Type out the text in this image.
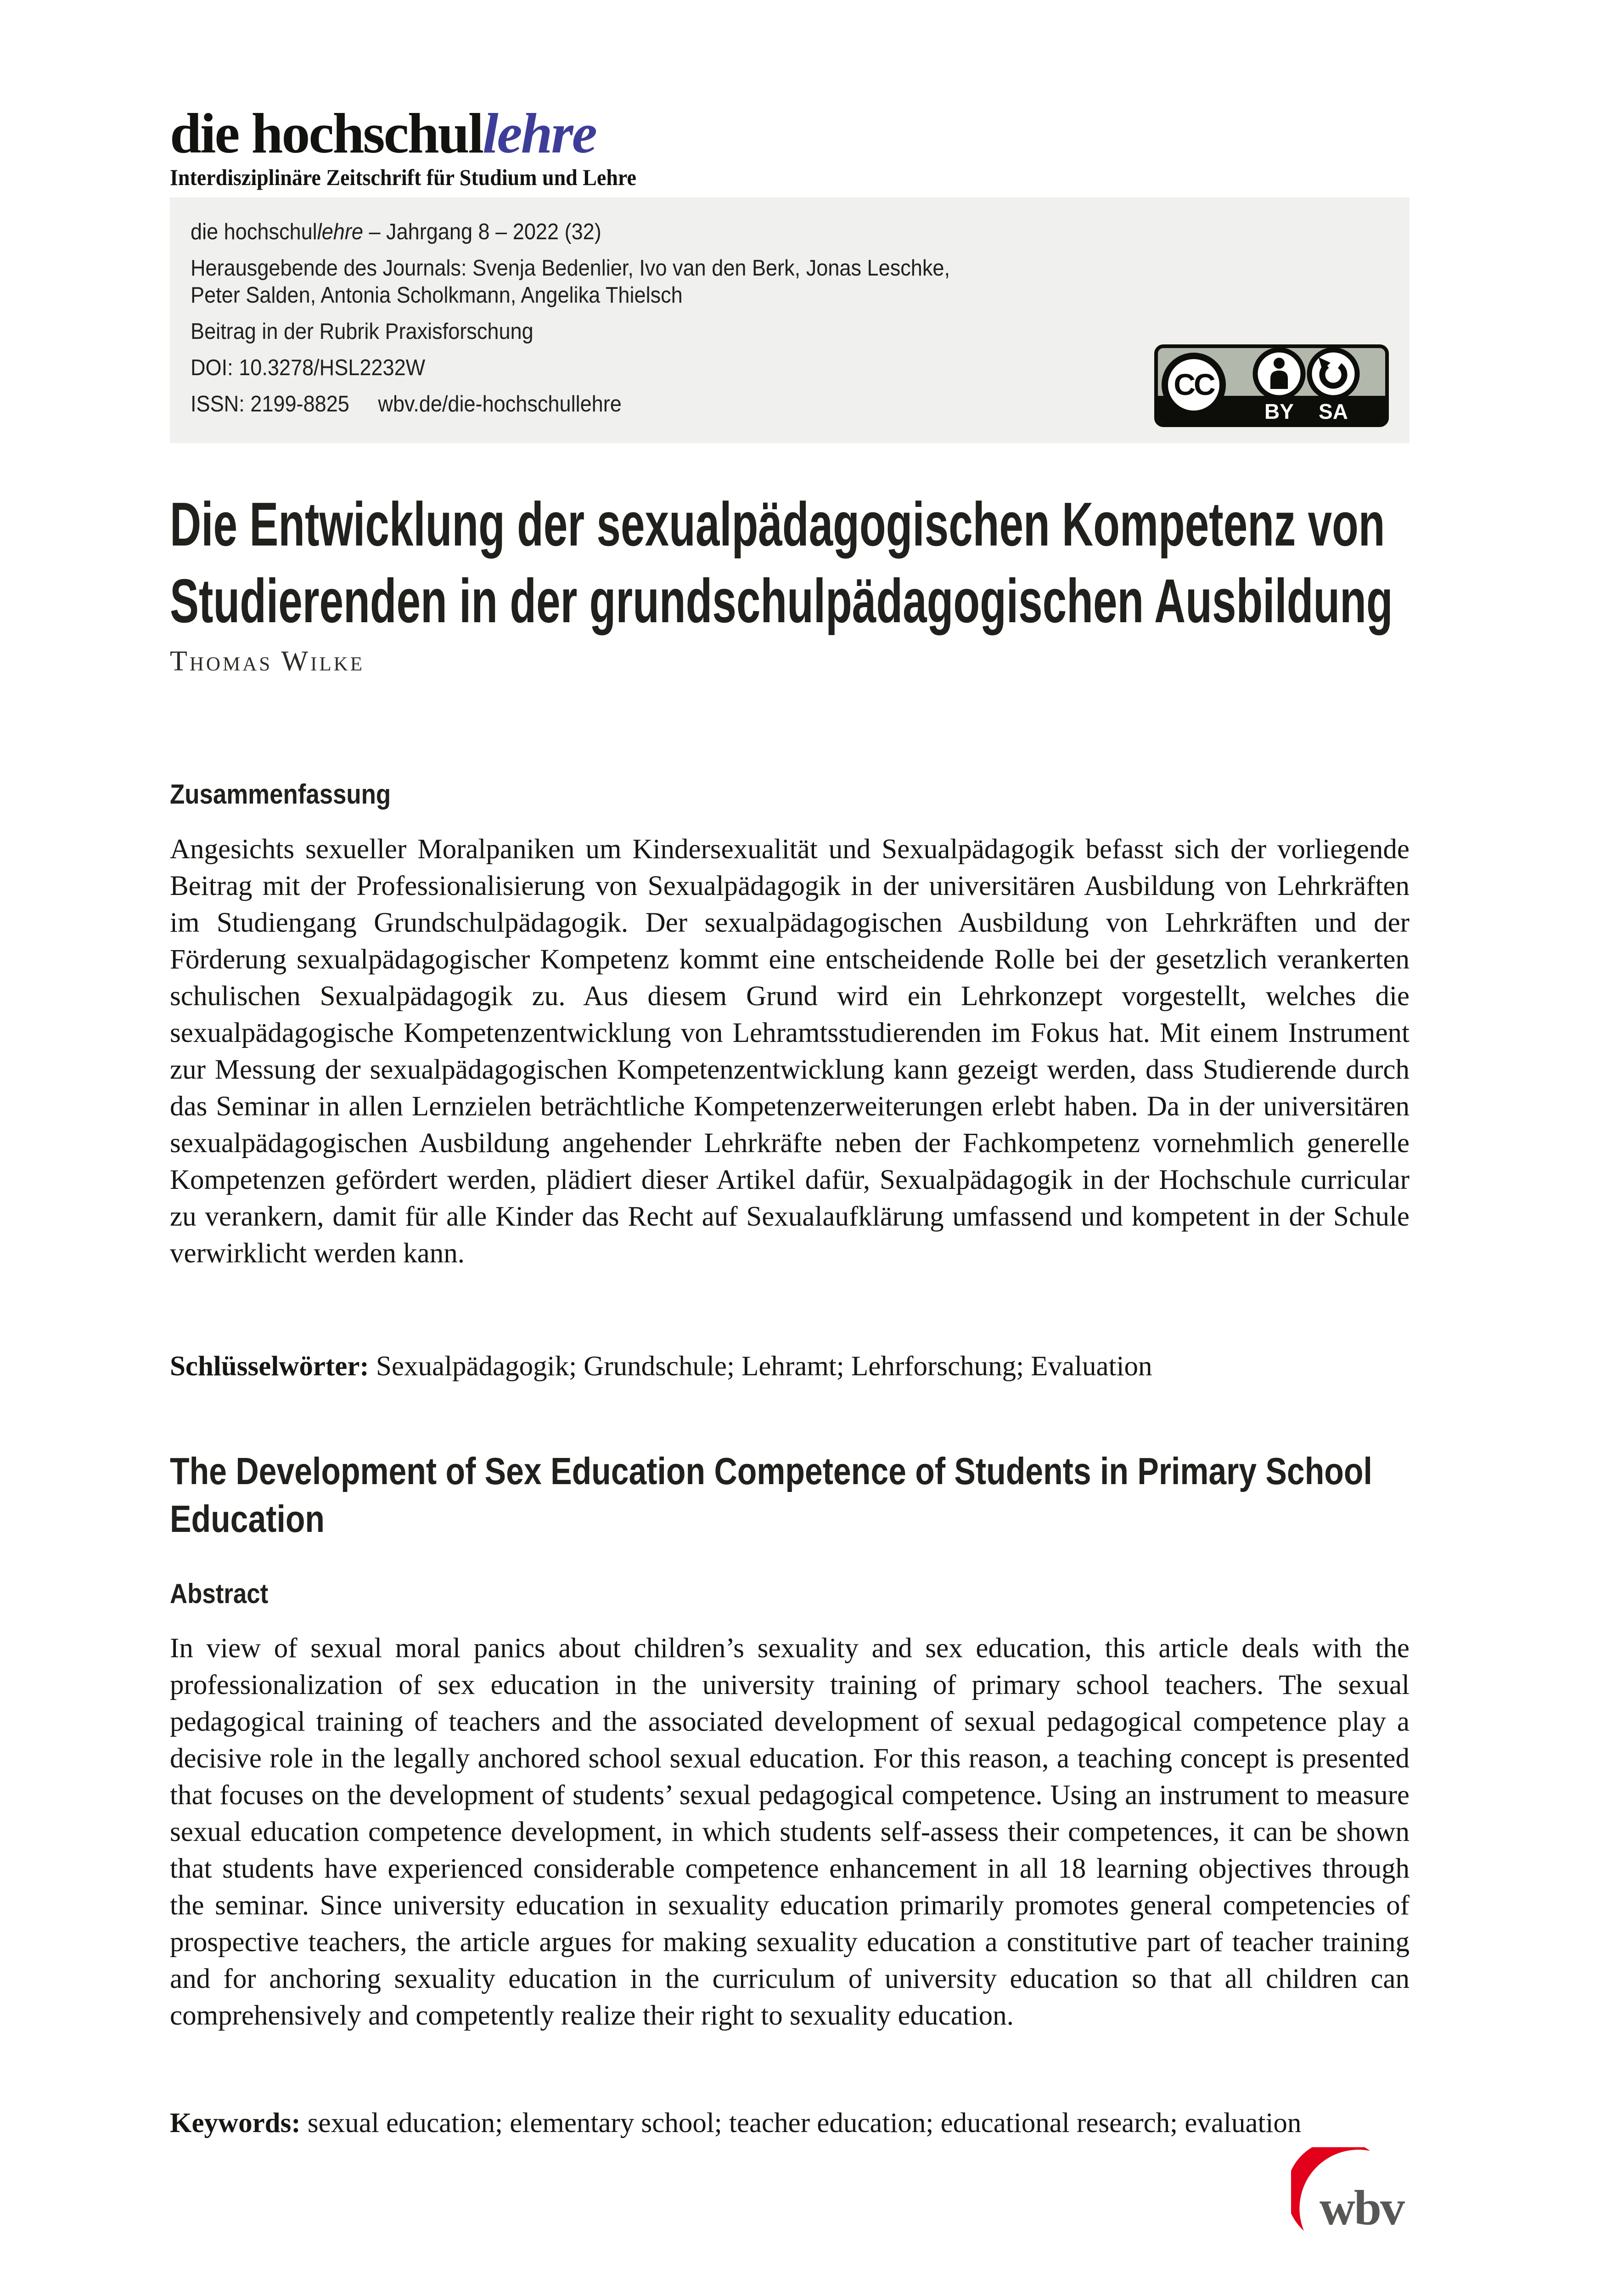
die hochschullehre
Interdisziplinäre Zeitschrift für Studium und Lehre

die hochschullehre – Jahrgang 8 – 2022 (32)

Herausgebende des Journals: Svenja Bedenlier, Ivo van den Berk, Jonas Leschke,

Peter Salden, Antonia Scholkmann, Angelika Thielsch

Beitrag in der Rubrik Praxisforschung

DOI: 10.3278/HSL2232W

ISSN: 2199-8825 wbv.de/die-hochschullehre

CC
BY SA
Die Entwicklung der sexualpädagogischen Kompetenz von
Studierenden in der grundschulpädagogischen Ausbildung
Thomas Wilke
Zusammenfassung

Angesichts sexueller Moralpaniken um Kindersexualität und Sexualpädagogik befasst sich der vorliegende Beitrag mit der Professionalisierung von Sexualpädagogik in der universitären Ausbildung von Lehrkräften im Studiengang Grundschulpädagogik. Der sexualpädagogischen Ausbildung von Lehrkräften und der Förderung sexualpädagogischer Kompetenz kommt eine entscheidende Rolle bei der gesetzlich verankerten schulischen Sexualpädagogik zu. Aus diesem Grund wird ein Lehrkonzept vorgestellt, welches die sexualpädagogische Kompetenzentwicklung von Lehramtsstudierenden im Fokus hat. Mit einem Instrument zur Messung der sexualpädagogischen Kompetenzentwicklung kann gezeigt werden, dass Studierende durch das Seminar in allen Lernzielen beträchtliche Kompetenzerweiterungen erlebt haben. Da in der universitären sexualpädagogischen Ausbildung angehender Lehrkräfte neben der Fachkompetenz vornehmlich generelle Kompetenzen gefördert werden, plädiert dieser Artikel dafür, Sexualpädagogik in der Hochschule curricular zu verankern, damit für alle Kinder das Recht auf Sexualaufklärung umfassend und kompetent in der Schule verwirklicht werden kann.

Schlüsselwörter: Sexualpädagogik; Grundschule; Lehramt; Lehrforschung; Evaluation

The Development of Sex Education Competence of Students in Primary School
Education
Abstract

In view of sexual moral panics about children’s sexuality and sex education, this article deals with the professionalization of sex education in the university training of primary school teachers. The sexual pedagogical training of teachers and the associated development of sexual pedagogical competence play a decisive role in the legally anchored school sexual education. For this reason, a teaching concept is presented that focuses on the development of students’ sexual pedagogical competence. Using an instrument to measure sexual education competence development, in which students self-assess their competences, it can be shown that students have experienced considerable competence enhancement in all 18 learning objectives through the seminar. Since university education in sexuality education primarily promotes general competencies of prospective teachers, the article argues for making sexuality education a constitutive part of teacher training and for anchoring sexuality education in the curriculum of university education so that all children can comprehensively and competently realize their right to sexuality education.

Keywords: sexual education; elementary school; teacher education; educational research; evaluation

wbv
